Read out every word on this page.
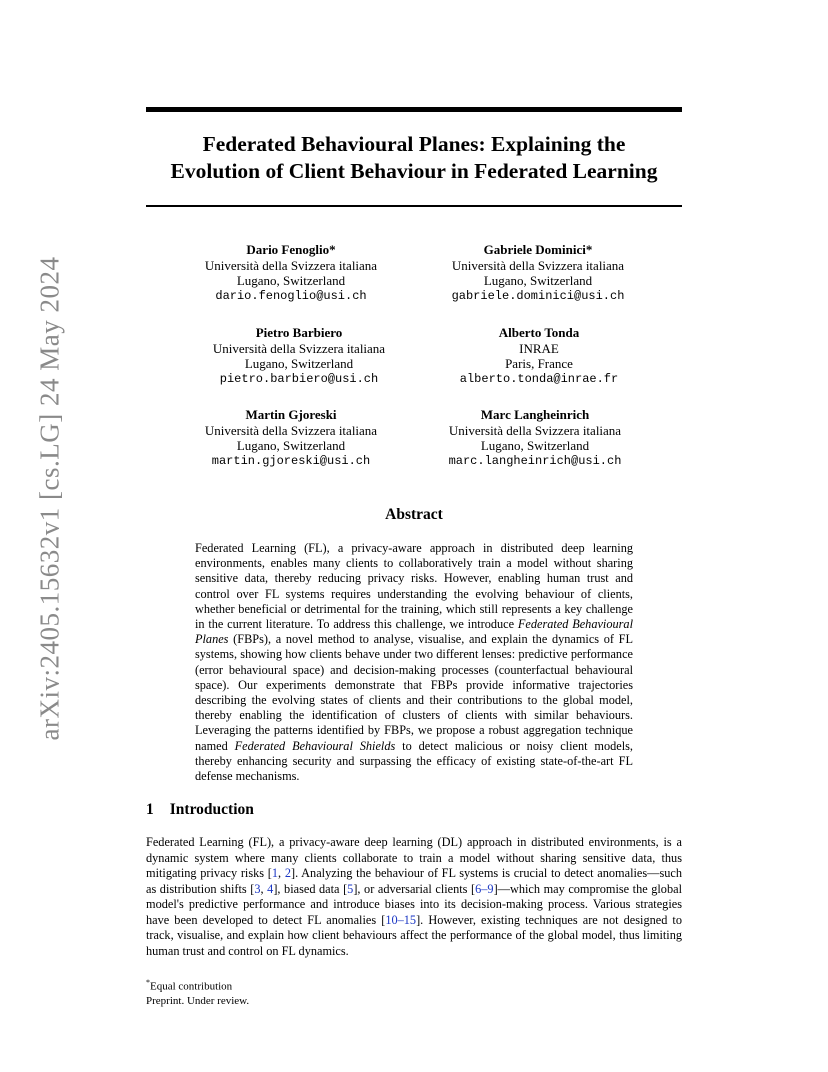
arXiv:2405.15632v1 [cs.LG] 24 May 2024
Federated Behavioural Planes: Explaining the
Evolution of Client Behaviour in Federated Learning
Dario Fenoglio*
Università della Svizzera italiana
Lugano, Switzerland
dario.fenoglio@usi.ch
Gabriele Dominici*
Università della Svizzera italiana
Lugano, Switzerland
gabriele.dominici@usi.ch
Pietro Barbiero
Università della Svizzera italiana
Lugano, Switzerland
pietro.barbiero@usi.ch
Alberto Tonda
INRAE
Paris, France
alberto.tonda@inrae.fr
Martin Gjoreski
Università della Svizzera italiana
Lugano, Switzerland
martin.gjoreski@usi.ch
Marc Langheinrich
Università della Svizzera italiana
Lugano, Switzerland
marc.langheinrich@usi.ch
Abstract
Federated Learning (FL), a privacy-aware approach in distributed deep learning environments, enables many clients to collaboratively train a model without sharing sensitive data, thereby reducing privacy risks. However, enabling human trust and control over FL systems requires understanding the evolving behaviour of clients, whether beneficial or detrimental for the training, which still represents a key challenge in the current literature. To address this challenge, we introduce Federated Behavioural Planes (FBPs), a novel method to analyse, visualise, and explain the dynamics of FL systems, showing how clients behave under two different lenses: predictive performance (error behavioural space) and decision-making processes (counterfactual behavioural space). Our experiments demonstrate that FBPs provide informative trajectories describing the evolving states of clients and their contributions to the global model, thereby enabling the identification of clusters of clients with similar behaviours. Leveraging the patterns identified by FBPs, we propose a robust aggregation technique named Federated Behavioural Shields to detect malicious or noisy client models, thereby enhancing security and surpassing the efficacy of existing state-of-the-art FL defense mechanisms.
1 Introduction
Federated Learning (FL), a privacy-aware deep learning (DL) approach in distributed environments, is a dynamic system where many clients collaborate to train a model without sharing sensitive data, thus mitigating privacy risks [1, 2]. Analyzing the behaviour of FL systems is crucial to detect anomalies—such as distribution shifts [3, 4], biased data [5], or adversarial clients [6–9]—which may compromise the global model's predictive performance and introduce biases into its decision-making process. Various strategies have been developed to detect FL anomalies [10–15]. However, existing techniques are not designed to track, visualise, and explain how client behaviours affect the performance of the global model, thus limiting human trust and control on FL dynamics.
*Equal contribution
Preprint. Under review.
